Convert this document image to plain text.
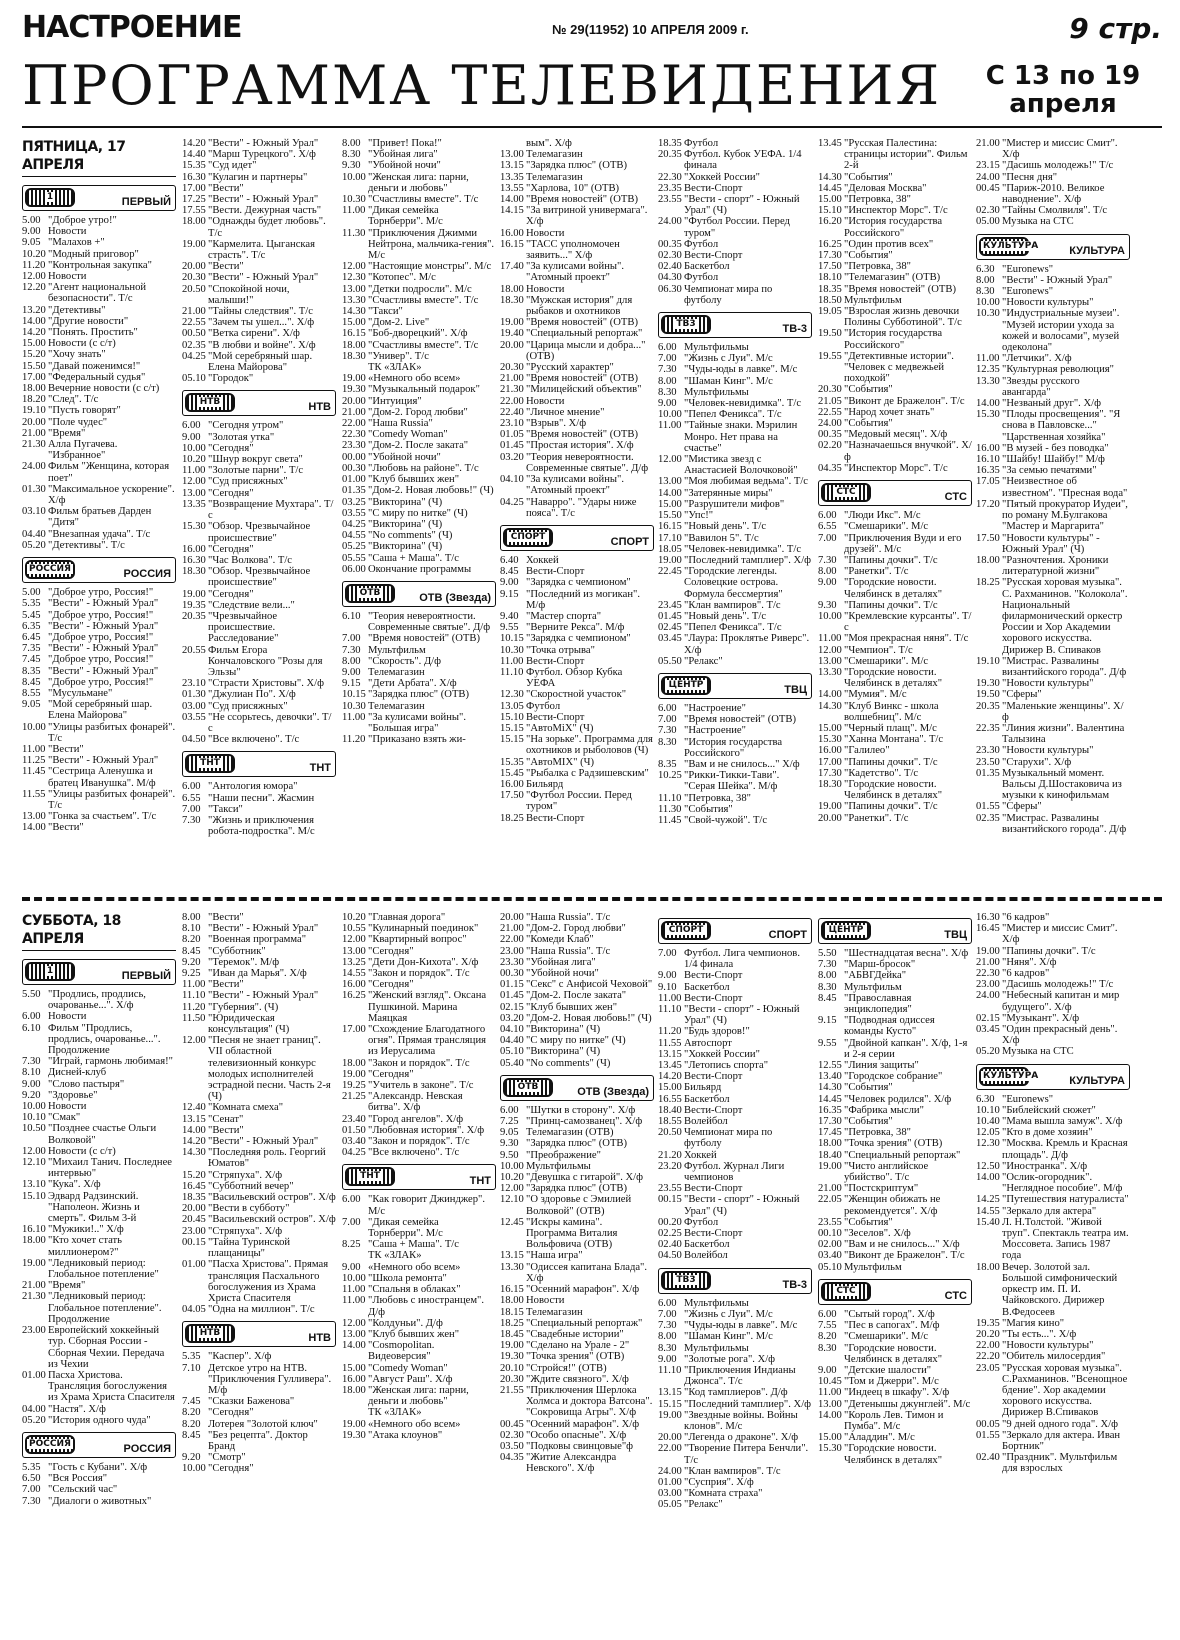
НАСТРОЕНИЕ	№ 29(11952) 10 АПРЕЛЯ 2009 г.	9 стр.
ПРОГРАММА ТЕЛЕВИДЕНИЯ	С 13 по 19
апреля
ПЯТНИЦА, 17 АПРЕЛЯ
1	ПЕРВЫЙ
5.00 "Доброе утро!"
9.00 Новости
9.05 "Малахов +"
10.20 "Модный приговор"
11.20 "Контрольная закупка"
12.00 Новости
12.20 "Агент национальной безопасности". Т/с
13.20 "Детективы"
14.00 "Другие новости"
14.20 "Понять. Простить"
15.00 Новости (с с/т)
15.20 "Хочу знать"
15.50 "Давай поженимся!"
17.00 "Федеральный судья"
18.00 Вечерние новости (с с/т)
18.20 "След". Т/с
19.10 "Пусть говорят"
20.00 "Поле чудес"
21.00 "Время"
21.30 Алла Пугачева. "Избранное"
24.00 Фильм "Женщина, которая поет"
01.30 "Максимальное ускорение". Х/ф
03.10 Фильм братьев Дарден "Дитя"
04.40 "Внезапная удача". Т/с
05.20 "Детективы". Т/с
РОССИЯ	РОССИЯ
5.00 "Доброе утро, Россия!"
5.35 "Вести" - Южный Урал"
5.45 "Доброе утро, Россия!"
6.35 "Вести" - Южный Урал"
6.45 "Доброе утро, Россия!"
7.35 "Вести" - Южный Урал"
7.45 "Доброе утро, Россия!"
8.35 "Вести" - Южный Урал"
8.45 "Доброе утро, Россия!"
8.55 "Мусульмане"
9.05 "Мой серебряный шар. Елена Майорова"
10.00 "Улицы разбитых фонарей". Т/с
11.00 "Вести"
11.25 "Вести" - Южный Урал"
11.45 "Сестрица Аленушка и братец Иванушка". М/ф
11.55 "Улицы разбитых фонарей". Т/с
13.00 "Гонка за счастьем". Т/с
14.00 "Вести"
14.20 "Вести" - Южный Урал"
14.40 "Марш Турецкого". Х/ф
15.35 "Суд идет"
16.30 "Кулагин и партнеры"
17.00 "Вести"
17.25 "Вести" - Южный Урал"
17.55 "Вести. Дежурная часть"
18.00 "Однажды будет любовь". Т/с
19.00 "Кармелита. Цыганская страсть". Т/с
20.00 "Вести"
20.30 "Вести" - Южный Урал"
20.50 "Спокойной ночи, малыши!"
21.00 "Тайны следствия". Т/с
22.55 "Зачем ты ушел...". Х/ф
00.50 "Ветка сирени". Х/ф
02.35 "В любви и войне". Х/ф
04.25 "Мой серебряный шар. Елена Майорова"
05.10 "Городок"
НТВ	НТВ
6.00 "Сегодня утром"
9.00 "Золотая утка"
10.00 "Сегодня"
10.20 "Шнур вокруг света"
11.00 "Золотые парни". Т/с
12.00 "Суд присяжных"
13.00 "Сегодня"
13.35 "Возвращение Мухтара". Т/с
15.30 "Обзор. Чрезвычайное происшествие"
16.00 "Сегодня"
16.30 "Час Волкова". Т/с
18.30 "Обзор. Чрезвычайное происшествие"
19.00 "Сегодня"
19.35 "Следствие вели..."
20.35 "Чрезвычайное происшествие. Расследование"
20.55 Фильм Егора Кончаловского "Розы для Эльзы"
23.10 "Страсти Христовы". Х/ф
01.30 "Джулиан По". Х/ф
03.00 "Суд присяжных"
03.55 "Не ссорьтесь, девочки". Т/с
04.50 "Все включено". Т/с
ТНТ	ТНТ
6.00 "Антология юмора"
6.55 "Наши песни". Жасмин
7.00 "Такси"
7.30 "Жизнь и приключения робота-подростка". М/с
8.00 "Привет! Пока!"
8.30 "Убойная лига"
9.30 "Убойной ночи"
10.00 "Женская лига: парни, деньги и любовь"
10.30 "Счастливы вместе". Т/с
11.00 "Дикая семейка Торнберри". М/с
11.30 "Приключения Джимми Нейтрона, мальчика-гения". М/с
12.00 "Настоящие монстры". М/с
12.30 "Котопес". М/с
13.00 "Детки подросли". М/с
13.30 "Счастливы вместе". Т/с
14.30 "Такси"
15.00 "Дом-2. Live"
16.15 "Боб-дворецкий". Х/ф
18.00 "Счастливы вместе". Т/с
18.30 "Универ". Т/с
ТК «ЗЛАК»
19.00 «Немного обо всем»
19.30 "Музыкальный подарок"
20.00 "Интуиция"
21.00 "Дом-2. Город любви"
22.00 "Наша Russia"
22.30 "Comedy Woman"
23.30 "Дом-2. После заката"
00.00 "Убойной ночи"
00.30 "Любовь на районе". Т/с
01.00 "Клуб бывших жен"
01.35 "Дом-2. Новая любовь!" (Ч)
03.25 "Викторина" (Ч)
03.55 "С миру по нитке" (Ч)
04.25 "Викторина" (Ч)
04.55 "No comments" (Ч)
05.25 "Викторина" (Ч)
05.55 "Саша + Маша". Т/с
06.00 Окончание программы
ОТВ	ОТВ (Звезда)
6.10 "Теория невероятности. Современные святые". Д/ф
7.00 "Время новостей" (ОТВ)
7.30 Мультфильм
8.00 "Скорость". Д/ф
9.00 Телемагазин
9.15 "Дети Арбата". Х/ф
10.15 "Зарядка плюс" (ОТВ)
10.30 Телемагазин
11.00 "За кулисами войны". "Большая игра"
11.20 "Приказано взять жи-
вым". Х/ф
13.00 Телемагазин
13.15 "Зарядка плюс" (ОТВ)
13.35 Телемагазин
13.55 "Харлова, 10" (ОТВ)
14.00 "Время новостей" (ОТВ)
14.15 "За витриной универмага". Х/ф
16.00 Новости
16.15 "ТАСС уполномочен заявить..." Х/ф
17.40 "За кулисами войны". "Атомный проект"
18.00 Новости
18.30 "Мужская история" для рыбаков и охотников
19.00 "Время новостей" (ОТВ)
19.40 "Специальный репортаж"
20.00 "Царица мысли и добра..." (ОТВ)
20.30 "Русский характер"
21.00 "Время новостей" (ОТВ)
21.30 "Милицейский объектив"
22.00 Новости
22.40 "Личное мнение"
23.10 "Взрыв". Х/ф
01.05 "Время новостей" (ОТВ)
01.45 "Простая история". Х/ф
03.20 "Теория невероятности. Современные святые". Д/ф
04.10 "За кулисами войны". "Атомный проект"
04.25 "Наварро". "Удары ниже пояса". Т/с
СПОРТ	СПОРТ
6.40 Хоккей
8.45 Вести-Спорт
9.00 "Зарядка с чемпионом"
9.15 "Последний из могикан". М/ф
9.40 "Мастер спорта"
9.55 "Верните Рекса". М/ф
10.15 "Зарядка с чемпионом"
10.30 "Точка отрыва"
11.00 Вести-Спорт
11.10 Футбол. Обзор Кубка УЕФА
12.30 "Скоростной участок"
13.05 Футбол
15.10 Вести-Спорт
15.15 "АвтоМіХ" (Ч)
15.15 "На зорьке". Программа для охотников и рыболовов (Ч)
15.35 "АвтоМІХ" (Ч)
15.45 "Рыбалка с Радзишевским"
16.00 Бильярд
17.50 "Футбол России. Перед туром"
18.25 Вести-Спорт
18.35 Футбол
20.35 Футбол. Кубок УЕФА. 1/4 финала
22.30 "Хоккей России"
23.35 Вести-Спорт
23.55 "Вести - спорт" - Южный Урал" (Ч)
24.00 "Футбол России. Перед туром"
00.35 Футбол
02.30 Вести-Спорт
02.40 Баскетбол
04.30 Футбол
06.30 Чемпионат мира по футболу
ТВ3	ТВ-3
6.00 Мультфильмы
7.00 "Жизнь с Луи". М/с
7.30 "Чуды-юды в лавке". М/с
8.00 "Шаман Кинг". М/с
8.30 Мультфильмы
9.00 "Человек-невидимка". Т/с
10.00 "Пепел Феникса". Т/с
11.00 "Тайные знаки. Мэрилин Монро. Нет права на счастье"
12.00 "Мистика звезд с Анастасией Волочковой"
13.00 "Моя любимая ведьма". Т/с
14.00 "Затерянные миры"
15.00 "Разрушители мифов"
15.50 "Упс!"
16.15 "Новый день". Т/с
17.10 "Вавилон 5". Т/с
18.05 "Человек-невидимка". Т/с
19.00 "Последний тамплиер". Х/ф
22.45 "Городские легенды. Соловецкие острова. Формула бессмертия"
23.45 "Клан вампиров". Т/с
01.45 "Новый день". Т/с
02.45 "Пепел Феникса". Т/с
03.45 "Лаура: Проклятье Риверс". Х/ф
05.50 "Релакс"
ЦЕНТР	ТВЦ
6.00 "Настроение"
7.00 "Время новостей" (ОТВ)
7.30 "Настроение"
8.30 "История государства Российского"
8.35 "Вам и не снилось..." Х/ф
10.25 "Рикки-Тикки-Тави". "Серая Шейка". М/ф
11.10 "Петровка, 38"
11.30 "События"
11.45 "Свой-чужой". Т/с
13.45 "Русская Палестина: страницы истории". Фильм 2-й
14.30 "События"
14.45 "Деловая Москва"
15.00 "Петровка, 38"
15.10 "Инспектор Морс". Т/с
16.20 "История государства Российского"
16.25 "Один против всех"
17.30 "События"
17.50 "Петровка, 38"
18.10 "Телемагазин" (ОТВ)
18.35 "Время новостей" (ОТВ)
18.50 Мультфильм
19.05 "Взрослая жизнь девочки Полины Субботиной". Т/с
19.50 "История государства Российского"
19.55 "Детективные истории". "Человек с медвежьей походкой"
20.30 "События"
21.05 "Виконт де Бражелон". Т/с
22.55 "Народ хочет знать"
24.00 "События"
00.35 "Медовый месяц". Х/ф
02.20 "Назначаешься внучкой". Х/ф
04.35 "Инспектор Морс". Т/с
СТС	СТС
6.00 "Люди Икс". М/с
6.55 "Смешарики". М/с
7.00 "Приключения Вуди и его друзей". М/с
7.30 "Папины дочки". Т/с
8.00 "Ранетки". Т/с
9.00 "Городские новости. Челябинск в деталях"
9.30 "Папины дочки". Т/с
10.00 "Кремлевские курсанты". Т/с
11.00 "Моя прекрасная няня". Т/с
12.00 "Чемпион". Т/с
13.00 "Смешарики". М/с
13.30 "Городские новости. Челябинск в деталях"
14.00 "Мумия". М/с
14.30 "Клуб Винкс - школа волшебниц". М/с
15.00 "Черный плащ". М/с
15.30 "Ханна Монтана". Т/с
16.00 "Галилео"
17.00 "Папины дочки". Т/с
17.30 "Кадетство". Т/с
18.30 "Городские новости. Челябинск в деталях"
19.00 "Папины дочки". Т/с
20.00 "Ранетки". Т/с
21.00 "Мистер и миссис Смит". Х/ф
23.15 "Дасишь молодежь!" Т/с
24.00 "Песня дня"
00.45 "Париж-2010. Великое наводнение". Х/ф
02.30 "Тайны Смолвиля". Т/с
05.00 Музыка на СТС
КУЛЬТУРА	КУЛЬТУРА
6.30 "Euronews"
8.00 "Вести" - Южный Урал"
8.30 "Euronews"
10.00 "Новости культуры"
10.30 "Индустриальные музеи". "Музей истории ухода за кожей и волосами", музей одеколона"
11.00 "Летчики". Х/ф
12.35 "Культурная революция"
13.30 "Звезды русского авангарда"
14.00 "Незваный друг". Х/ф
15.30 "Плоды просвещения". "Я снова в Павловске..." "Царственная хозяйка"
16.00 "В музей - без поводка"
16.10 "Шайбу! Шайбу!" М/ф
16.35 "За семью печатями"
17.05 "Неизвестное об известном". "Пресная вода"
17.20 "Пятый прокуратор Иудеи", по роману М.Булгакова "Мастер и Маргарита"
17.50 "Новости культуры" - Южный Урал" (Ч)
18.00 "Разночтения. Хроники литературной жизни"
18.25 "Русская хоровая музыка". С. Рахманинов. "Колокола". Национальный филармонический оркестр России и Хор Академии хорового искусства. Дирижер В. Спиваков
19.10 "Мистрас. Развалины византийского города". Д/ф
19.30 "Новости культуры"
19.50 "Сферы"
20.35 "Маленькие женщины". Х/ф
22.35 "Линия жизни". Валентина Талызина
23.30 "Новости культуры"
23.50 "Старухи". Х/ф
01.35 Музыкальный момент. Вальсы Д.Шостаковича из музыки к кинофильмам
01.55 "Сферы"
02.35 "Мистрас. Развалины византийского города". Д/ф
СУББОТА, 18 АПРЕЛЯ
1	ПЕРВЫЙ
5.50 "Продлись, продлись, очарованье...". Х/ф
6.00 Новости
6.10 Фильм "Продлись, продлись, очарованье...". Продолжение
7.30 "Играй, гармонь любимая!"
8.10 Дисней-клуб
9.00 "Слово пастыря"
9.20 "Здоровье"
10.00 Новости
10.10 "Смак"
10.50 "Позднее счастье Ольги Волковой"
12.00 Новости (с с/т)
12.10 "Михаил Танич. Последнее интервью"
13.10 "Кука". Х/ф
15.10 Эдвард Радзинский. "Наполеон. Жизнь и смерть". Фильм 3-й
16.10 "Мужики!.." Х/ф
18.00 "Кто хочет стать миллионером?"
19.00 "Ледниковый период: Глобальное потепление"
21.00 "Время"
21.30 "Ледниковый период: Глобальное потепление". Продолжение
23.00 Европейский хоккейный тур. Сборная России - Сборная Чехии. Передача из Чехии
01.00 Пасха Христова. Трансляция богослужения из Храма Христа Спасителя
04.00 "Настя". Х/ф
05.20 "История одного чуда"
РОССИЯ	РОССИЯ
5.35 "Гость с Кубани". Х/ф
6.50 "Вся Россия"
7.00 "Сельский час"
7.30 "Диалоги о животных"
8.00 "Вести"
8.10 "Вести" - Южный Урал"
8.20 "Военная программа"
8.45 "Субботник"
9.20 "Теремок". М/ф
9.25 "Иван да Марья". Х/ф
11.00 "Вести"
11.10 "Вести" - Южный Урал"
11.20 "Губерния". (Ч)
11.50 "Юридическая консультация" (Ч)
12.00 "Песня не знает границ". VII областной телевизионный конкурс молодых исполнителей эстрадной песни. Часть 2-я (Ч)
12.40 "Комната смеха"
13.15 "Сенат"
14.00 "Вести"
14.20 "Вести" - Южный Урал"
14.30 "Последняя роль. Георгий Юматов"
15.20 "Стряпуха". Х/ф
16.45 "Субботний вечер"
18.35 "Васильевский остров". Х/ф
20.00 "Вести в субботу"
20.45 "Васильевский остров". Х/ф
23.00 "Стряпуха". Х/ф
00.15 "Тайна Туринской плащаницы"
01.00 "Пасха Христова". Прямая трансляция Пасхального богослужения из Храма Христа Спасителя
04.05 "Одна на миллион". Т/с
НТВ	НТВ
5.35 "Каспер". Х/ф
7.10 Детское утро на НТВ. "Приключения Гулливера". М/ф
7.45 "Сказки Баженова"
8.20 "Сегодня"
8.20 Лотерея "Золотой ключ"
8.45 "Без рецепта". Доктор Бранд
9.20 "Смотр"
10.00 "Сегодня"
10.20 "Главная дорога"
10.55 "Кулинарный поединок"
12.00 "Квартирный вопрос"
13.00 "Сегодня"
13.25 "Дети Дон-Кихота". Х/ф
14.55 "Закон и порядок". Т/с
16.00 "Сегодня"
16.25 "Женский взгляд". Оксана Пушкиной. Марина Маяцкая
17.00 "Схождение Благодатного огня". Прямая трансляция из Иерусалима
18.00 "Закон и порядок". Т/с
19.00 "Сегодня"
19.25 "Учитель в законе". Т/с
21.25 "Александр. Невская битва". Х/ф
23.40 "Город ангелов". Х/ф
01.50 "Любовная история". Х/ф
03.40 "Закон и порядок". Т/с
04.25 "Все включено". Т/с
ТНТ	ТНТ
6.00 "Как говорит Джинджер". М/с
7.00 "Дикая семейка Торнберри". М/с
8.25 "Саша + Маша". Т/с
ТК «ЗЛАК»
9.00 «Немного обо всем»
10.00 "Школа ремонта"
11.00 "Спальня в облаках"
11.00 "Любовь с иностранцем". Д/ф
12.00 "Колдуньи". Д/ф
13.00 "Клуб бывших жен"
14.00 "Cosmopolitan. Видеоверсия"
15.00 "Comedy Woman"
16.00 "Август Раш". Х/ф
18.00 "Женская лига: парни, деньги и любовь"
ТК «ЗЛАК»
19.00 «Немного обо всем»
19.30 "Атака клоунов"
20.00 "Наша Russia". Т/с
21.00 "Дом-2. Город любви"
22.00 "Комеди Клаб"
23.00 "Наша Russia". Т/с
23.30 "Убойная лига"
00.30 "Убойной ночи"
01.15 "Секс" с Анфисой Чеховой"
01.45 "Дом-2. После заката"
02.15 "Клуб бывших жен"
03.20 "Дом-2. Новая любовь!" (Ч)
04.10 "Викторина" (Ч)
04.40 "С миру по нитке" (Ч)
05.10 "Викторина" (Ч)
05.40 "No comments" (Ч)
ОТВ	ОТВ (Звезда)
6.00 "Шутки в сторону". Х/ф
7.25 "Принц-самозванец". Х/ф
9.05 Телемагазин (ОТВ)
9.30 "Зарядка плюс" (ОТВ)
9.50 "Преображение"
10.00 Мультфильмы
10.20 "Девушка с гитарой". Х/ф
12.00 "Зарядка плюс" (ОТВ)
12.10 "О здоровье с Эмилией Волковой" (ОТВ)
12.45 "Искры камина". Программа Виталия Вольфовича (ОТВ)
13.15 "Наша игра"
13.30 "Одиссея капитана Блада". Х/ф
16.15 "Осенний марафон". Х/ф
18.00 Новости
18.15 Телемагазин
18.25 "Специальный репортаж"
18.45 "Свадебные истории"
19.00 "Сделано на Урале - 2"
19.30 "Точка зрения" (ОТВ)
20.10 "Стройся!" (ОТВ)
20.30 "Ждите связного". Х/ф
21.55 "Приключения Шерлока Холмса и доктора Ватсона". "Сокровища Агры". Х/ф
00.45 "Осенний марафон". Х/ф
02.30 "Особо опасные". Х/ф
03.50 "Подковы свинцовые"ф
04.35 "Житие Александра Невского". Х/ф
СПОРТ	СПОРТ
7.00 Футбол. Лига чемпионов. 1/4 финала
9.00 Вести-Спорт
9.10 Баскетбол
11.00 Вести-Спорт
11.10 "Вести - спорт" - Южный Урал" (Ч)
11.20 "Будь здоров!"
11.55 Автоспорт
13.15 "Хоккей России"
13.45 "Летопись спорта"
14.20 Вести-Спорт
15.00 Бильярд
16.55 Баскетбол
18.40 Вести-Спорт
18.55 Волейбол
20.50 Чемпионат мира по футболу
21.20 Хоккей
23.20 Футбол. Журнал Лиги чемпионов
23.55 Вести-Спорт
00.15 "Вести - спорт" - Южный Урал" (Ч)
00.20 Футбол
02.25 Вести-Спорт
02.40 Баскетбол
04.50 Волейбол
ТВ3	ТВ-3
6.00 Мультфильмы
7.00 "Жизнь с Луи". М/с
7.30 "Чуды-юды в лавке". М/с
8.00 "Шаман Кинг". М/с
8.30 Мультфильмы
9.00 "Золотые рога". Х/ф
11.10 "Приключения Индианы Джонса". Т/с
13.15 "Код тамплиеров". Д/ф
15.15 "Последний тамплиер". Х/ф
19.00 "Звездные войны. Войны клонов". М/с
20.00 "Легенда о драконе". Х/ф
22.00 "Творение Питера Бенчли". Т/с
24.00 "Клан вампиров". Т/с
01.00 "Сусприя". Х/ф
03.00 "Комната страха"
05.05 "Релакс"
ЦЕНТР	ТВЦ
5.50 "Шестнадцатая весна". Х/ф
7.30 "Марш-бросок"
8.00 "АБВГДейка"
8.30 Мультфильм
8.45 "Православная энциклопедия"
9.15 "Подводная одиссея команды Кусто"
9.55 "Двойной капкан". Х/ф, 1-я и 2-я серии
12.55 "Линия защиты"
13.40 "Городское собрание"
14.30 "События"
14.45 "Человек родился". Х/ф
16.35 "Фабрика мысли"
17.30 "События"
17.45 "Петровка, 38"
18.00 "Точка зрения" (ОТВ)
18.40 "Специальный репортаж"
19.00 "Чисто английское убийство". Т/с
21.00 "Постскриптум"
22.05 "Женщин обижать не рекомендуется". Х/ф
23.55 "События"
00.10 "Зеселов". Х/ф
02.00 "Вам и не снилось..." Х/ф
03.40 "Виконт де Бражелон". Т/с
05.10 Мультфильм
СТС	СТС
6.00 "Сытый город". Х/ф
7.55 "Пес в сапогах". М/ф
8.20 "Смешарики". М/с
8.30 "Городские новости. Челябинск в деталях"
9.00 "Детские шалости"
10.45 "Том и Джерри". М/с
11.00 "Индеец в шкафу". Х/ф
13.00 "Детенышы джунглей". М/с
14.00 "Король Лев. Тимон и Пумба". М/с
15.00 "Аладдин". М/с
15.30 "Городские новости. Челябинск в деталях"
16.30 "6 кадров"
16.45 "Мистер и миссис Смит". Х/ф
19.00 "Папины дочки". Т/с
21.00 "Няня". Х/ф
22.30 "6 кадров"
23.00 "Дасишь молодежь!" Т/с
24.00 "Небесный капитан и мир будущего". Х/ф
02.15 "Музыкант". Х/ф
03.45 "Один прекрасный день". Х/ф
05.20 Музыка на СТС
КУЛЬТУРА	КУЛЬТУРА
6.30 "Euronews"
10.10 "Библейский сюжет"
10.40 "Мама вышла замуж". Х/ф
12.05 "Кто в доме хозяин"
12.30 "Москва. Кремль и Красная площадь". Д/ф
12.50 "Иностранка". Х/ф
14.00 "Ослик-огородник". "Неглядное пособие". М/ф
14.25 "Путешествия натуралиста"
14.55 "Зеркало для актера"
15.40 Л. Н.Толстой. "Живой труп". Спектакль театра им. Моссовета. Запись 1987 года
18.00 Вечер. Золотой зал. Большой симфонический оркестр им. П. И. Чайковского. Дирижер В.Федосеев
19.35 "Магия кино"
20.20 "Ты есть...". Х/ф
22.00 "Новости культуры"
22.20 "Обитель милосердия"
23.05 "Русская хоровая музыка". С.Рахманинов. "Всенощное бдение". Хор академии хорового искусства. Дирижер В.Спиваков
00.05 "9 дней одного года". Х/ф
01.55 "Зеркало для актера. Иван Бортник"
02.40 "Праздник". Мультфильм для взрослых
